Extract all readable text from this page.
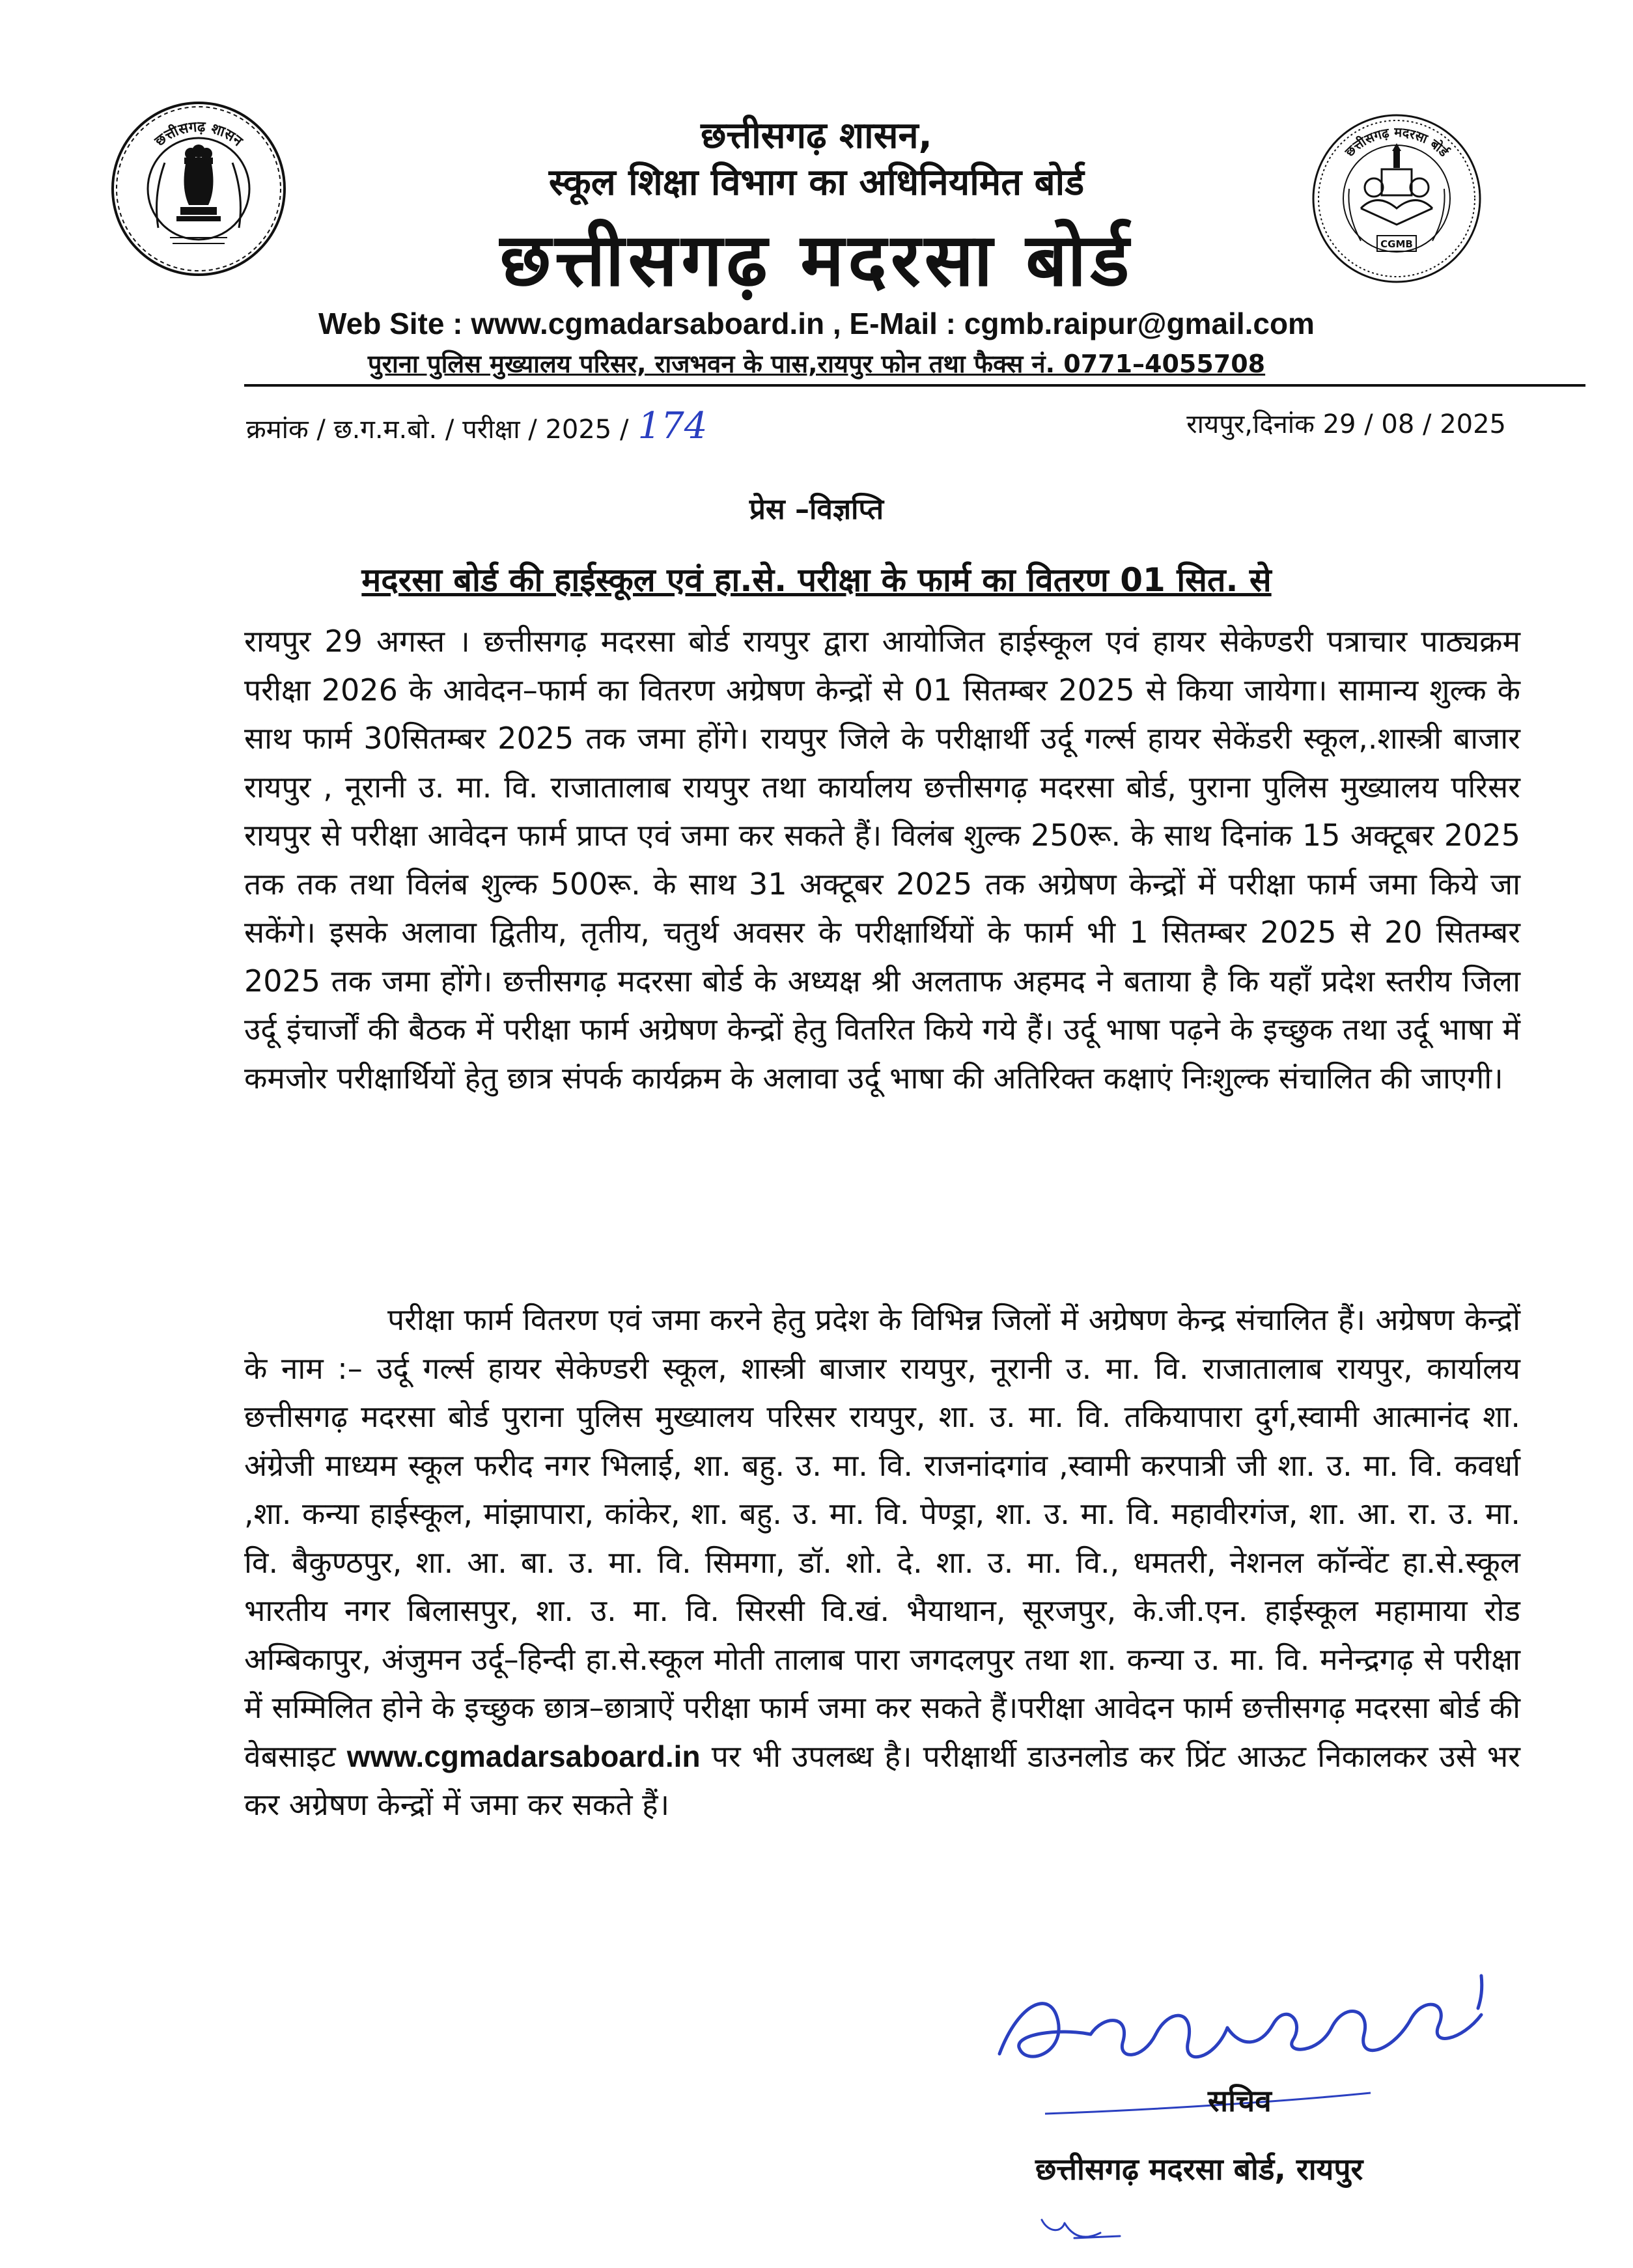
छत्तीसगढ़ शासन
छत्तीसगढ़ मदरसा बोर्ड
CGMB
छत्तीसगढ़ शासन,
स्कूल शिक्षा विभाग का अधिनियमित बोर्ड
छत्तीसगढ़ मदरसा बोर्ड
Web Site : www.cgmadarsaboard.in , E-Mail : cgmb.raipur@gmail.com
पुराना पुलिस मुख्यालय परिसर, राजभवन के पास,रायपुर फोन तथा फैक्स नं. 0771–4055708
क्रमांक / छ.ग.म.बो. / परीक्षा / 2025 / 174	रायपुर,दिनांक 29 / 08 / 2025
प्रेस –विज्ञप्ति
मदरसा बोर्ड की हाईस्कूल एवं हा.से. परीक्षा के फार्म का वितरण 01 सित. से

रायपुर 29 अगस्त । छत्तीसगढ़ मदरसा बोर्ड रायपुर द्वारा आयोजित हाईस्कूल एवं हायर सेकेण्डरी पत्राचार पाठ्यक्रम परीक्षा 2026 के आवेदन–फार्म का वितरण अग्रेषण केन्द्रों से 01 सितम्बर 2025 से किया जायेगा। सामान्य शुल्क के साथ फार्म 30सितम्बर 2025 तक जमा होंगे। रायपुर जिले के परीक्षार्थी उर्दू गर्ल्स हायर सेकेंडरी स्कूल,.शास्त्री बाजार रायपुर , नूरानी उ. मा. वि. राजातालाब रायपुर तथा कार्यालय छत्तीसगढ़ मदरसा बोर्ड, पुराना पुलिस मुख्यालय परिसर रायपुर से परीक्षा आवेदन फार्म प्राप्त एवं जमा कर सकते हैं। विलंब शुल्क 250रू. के साथ दिनांक 15 अक्टूबर 2025 तक तक तथा विलंब शुल्क 500रू. के साथ 31 अक्टूबर 2025 तक अग्रेषण केन्द्रों में परीक्षा फार्म जमा किये जा सकेंगे। इसके अलावा द्वितीय, तृतीय, चतुर्थ अवसर के परीक्षार्थियों के फार्म भी 1 सितम्बर 2025 से 20 सितम्बर 2025 तक जमा होंगे। छत्तीसगढ़ मदरसा बोर्ड के अध्यक्ष श्री अलताफ अहमद ने बताया है कि यहाँ प्रदेश स्तरीय जिला उर्दू इंचार्जों की बैठक में परीक्षा फार्म अग्रेषण केन्द्रों हेतु वितरित किये गये हैं। उर्दू भाषा पढ़ने के इच्छुक तथा उर्दू भाषा में कमजोर परीक्षार्थियों हेतु छात्र संपर्क कार्यक्रम के अलावा उर्दू भाषा की अतिरिक्त कक्षाएं निःशुल्क संचालित की जाएगी।

परीक्षा फार्म वितरण एवं जमा करने हेतु प्रदेश के विभिन्न जिलों में अग्रेषण केन्द्र संचालित हैं। अग्रेषण केन्द्रों के नाम :– उर्दू गर्ल्स हायर सेकेण्डरी स्कूल, शास्त्री बाजार रायपुर, नूरानी उ. मा. वि. राजातालाब रायपुर, कार्यालय छत्तीसगढ़ मदरसा बोर्ड पुराना पुलिस मुख्यालय परिसर रायपुर, शा. उ. मा. वि. तकियापारा दुर्ग,स्वामी आत्मानंद शा. अंग्रेजी माध्यम स्कूल फरीद नगर भिलाई, शा. बहु. उ. मा. वि. राजनांदगांव ,स्वामी करपात्री जी शा. उ. मा. वि. कवर्धा ,शा. कन्या हाईस्कूल, मांझापारा, कांकेर, शा. बहु. उ. मा. वि. पेण्ड्रा, शा. उ. मा. वि. महावीरगंज, शा. आ. रा. उ. मा. वि. बैकुण्ठपुर, शा. आ. बा. उ. मा. वि. सिमगा, डॉ. शो. दे. शा. उ. मा. वि., धमतरी, नेशनल कॉन्वेंट हा.से.स्कूल भारतीय नगर बिलासपुर, शा. उ. मा. वि. सिरसी वि.खं. भैयाथान, सूरजपुर, के.जी.एन. हाईस्कूल महामाया रोड अम्बिकापुर, अंजुमन उर्दू–हिन्दी हा.से.स्कूल मोती तालाब पारा जगदलपुर तथा शा. कन्या उ. मा. वि. मनेन्द्रगढ़ से परीक्षा में सम्मिलित होने के इच्छुक छात्र–छात्राऐं परीक्षा फार्म जमा कर सकते हैं।परीक्षा आवेदन फार्म छत्तीसगढ़ मदरसा बोर्ड की वेबसाइट www.cgmadarsaboard.in पर भी उपलब्ध है। परीक्षार्थी डाउनलोड कर प्रिंट आऊट निकालकर उसे भर कर अग्रेषण केन्द्रों में जमा कर सकते हैं।

सचिव
छत्तीसगढ़ मदरसा बोर्ड, रायपुर
